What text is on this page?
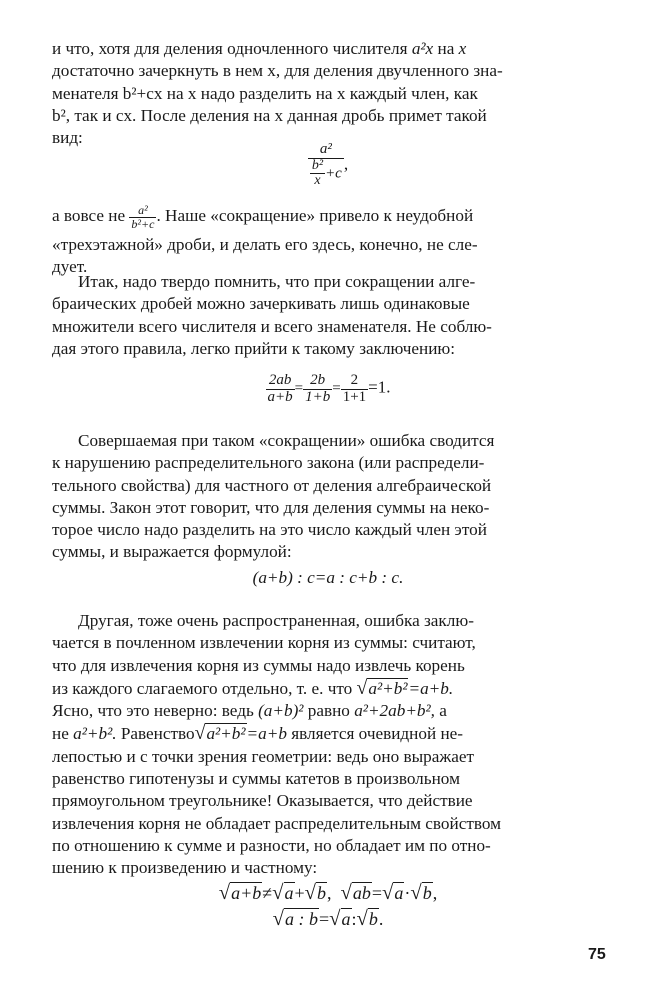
и что, хотя для деления одночленного числителя a²x на x
достаточно зачеркнуть в нем x, для деления двучленного зна-
менателя b²+cx на x надо разделить на x каждый член, как
b², так и cx. После деления на x данная дробь примет такой
вид:
$\frac{\text{a²}}{\frac{\text{b²}}{x} +c}$ ,
а вовсе не $\frac{\text{a²}}{\text{b²+c}}$ . Наше «сокращение» привело к неудобной
«трехэтажной» дроби, и делать его здесь, конечно, не сле-
дует.
Итак, надо твердо помнить, что при сокращении алге-
браических дробей можно зачеркивать лишь одинаковые
множители всего числителя и всего знаменателя. Не соблю-
дая этого правила, легко прийти к такому заключению:
$\frac{2ab}{a+b} = \frac{2b}{1+b} = \frac{2}{1+1} =1$.
Совершаемая при таком «сокращении» ошибка сводится
к нарушению распределительного закона (или распредели-
тельного свойства) для частного от деления алгебраической
суммы. Закон этот говорит, что для деления суммы на неко-
торое число надо разделить на это число каждый член этой
суммы, и выражается формулой:
(a+b) : c=a : c+b : c.
Другая, тоже очень распространенная, ошибка заклю-
чается в почленном извлечении корня из суммы: считают,
что для извлечения корня из суммы надо извлечь корень
из каждого слагаемого отдельно, т. е. что √a²+b²=a+b.
Ясно, что это неверно: ведь (a+b)² равно a²+2ab+b², а
не a²+b². Равенство√a²+b²=a+b является очевидной не-
лепостью и с точки зрения геометрии: ведь оно выражает
равенство гипотенузы и суммы катетов в произвольном
прямоугольном треугольнике! Оказывается, что действие
извлечения корня не обладает распределительным свойством
по отношению к сумме и разности, но обладает им по отно-
шению к произведению и частному:
√a+b≠√a+√b, √ab=√a·√b,
√a : b=√a:√b.
75
